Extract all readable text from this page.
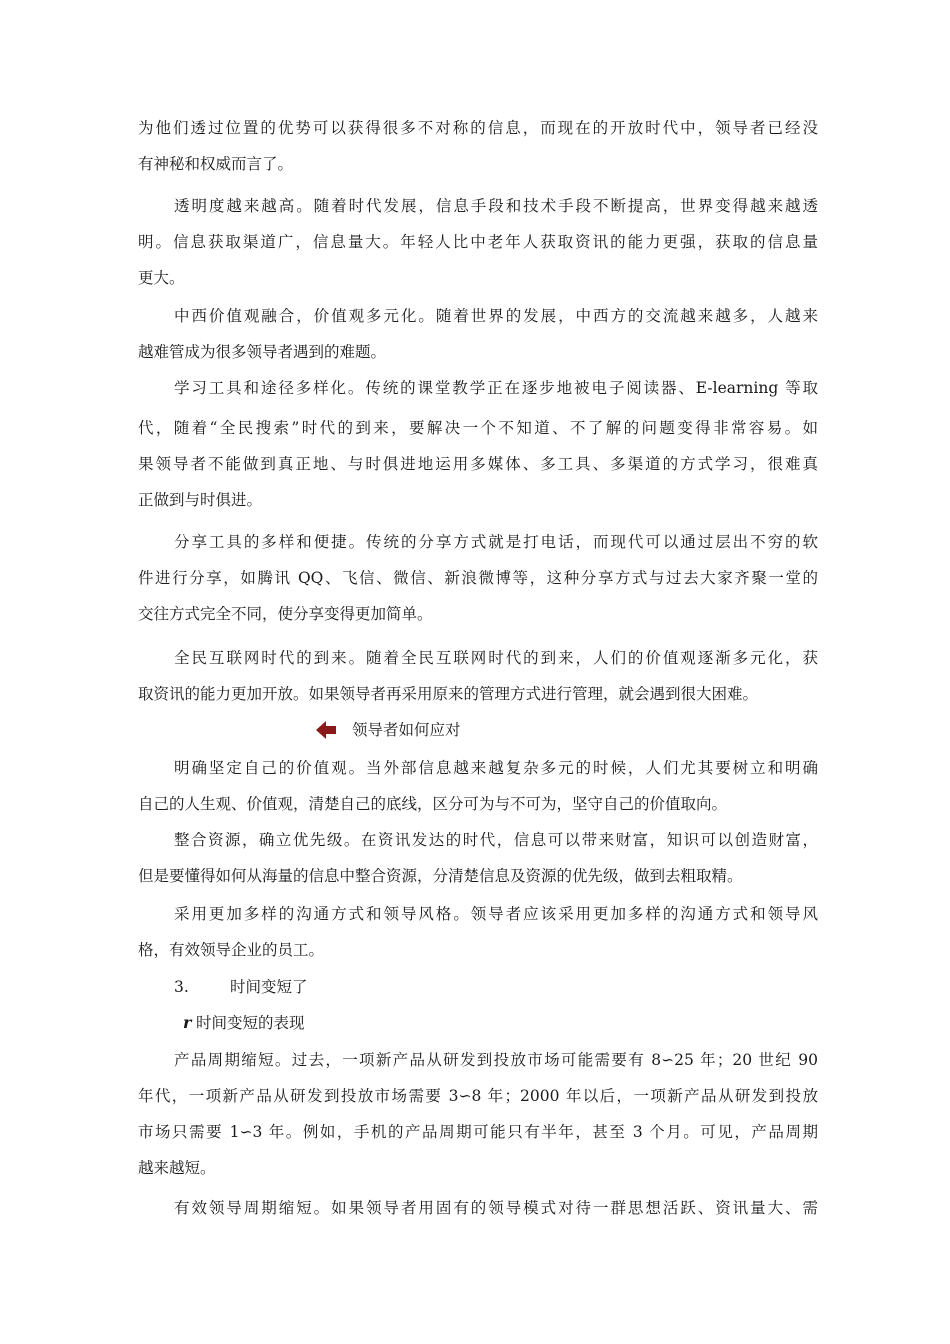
为他们透过位置的优势可以获得很多不对称的信息，而现在的开放时代中，领导者已经没
有神秘和权威而言了。
透明度越来越高。随着时代发展，信息手段和技术手段不断提高，世界变得越来越透
明。信息获取渠道广，信息量大。年轻人比中老年人获取资讯的能力更强，获取的信息量
更大。
中西价值观融合，价值观多元化。随着世界的发展，中西方的交流越来越多，人越来
越难管成为很多领导者遇到的难题。
学习工具和途径多样化。传统的课堂教学正在逐步地被电子阅读器、E-learning 等取
代，随着“全民搜索”时代的到来，要解决一个不知道、不了解的问题变得非常容易。如
果领导者不能做到真正地、与时俱进地运用多媒体、多工具、多渠道的方式学习，很难真
正做到与时俱进。
分享工具的多样和便捷。传统的分享方式就是打电话，而现代可以通过层出不穷的软
件进行分享，如腾讯 QQ、飞信、微信、新浪微博等，这种分享方式与过去大家齐聚一堂的
交往方式完全不同，使分享变得更加简单。
全民互联网时代的到来。随着全民互联网时代的到来，人们的价值观逐渐多元化，获
取资讯的能力更加开放。如果领导者再采用原来的管理方式进行管理，就会遇到很大困难。
领导者如何应对
明确坚定自己的价值观。当外部信息越来越复杂多元的时候，人们尤其要树立和明确
自己的人生观、价值观，清楚自己的底线，区分可为与不可为，坚守自己的价值取向。
整合资源，确立优先级。在资讯发达的时代，信息可以带来财富，知识可以创造财富，
但是要懂得如何从海量的信息中整合资源，分清楚信息及资源的优先级，做到去粗取精。
采用更加多样的沟通方式和领导风格。领导者应该采用更加多样的沟通方式和领导风
格，有效领导企业的员工。
3.	时间变短了
r 时间变短的表现
产品周期缩短。过去，一项新产品从研发到投放市场可能需要有 8∽25 年；20 世纪 90
年代，一项新产品从研发到投放市场需要 3∽8 年；2000 年以后，一项新产品从研发到投放
市场只需要 1∽3 年。例如，手机的产品周期可能只有半年，甚至 3 个月。可见，产品周期
越来越短。
有效领导周期缩短。如果领导者用固有的领导模式对待一群思想活跃、资讯量大、需
